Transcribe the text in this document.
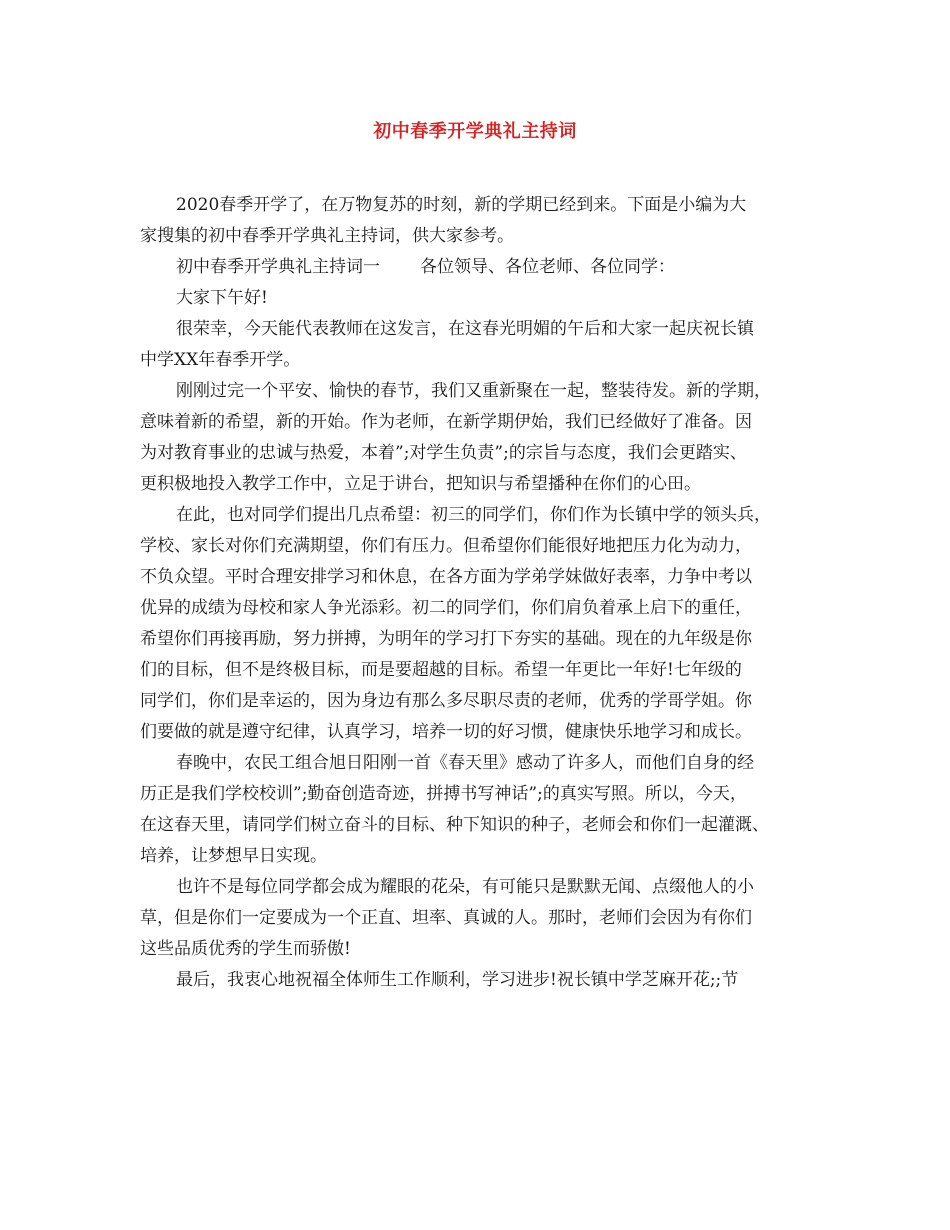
初中春季开学典礼主持词
2020春季开学了，在万物复苏的时刻，新的学期已经到来。下面是小编为大
家搜集的初中春季开学典礼主持词，供大家参考。
初中春季开学典礼主持词一 各位领导、各位老师、各位同学：
大家下午好!
很荣幸，今天能代表教师在这发言，在这春光明媚的午后和大家一起庆祝长镇
中学XX年春季开学。
刚刚过完一个平安、愉快的春节，我们又重新聚在一起，整装待发。新的学期，
意味着新的希望，新的开始。作为老师，在新学期伊始，我们已经做好了准备。因
为对教育事业的忠诚与热爱，本着”;对学生负责”;的宗旨与态度，我们会更踏实、
更积极地投入教学工作中，立足于讲台，把知识与希望播种在你们的心田。
在此，也对同学们提出几点希望：初三的同学们，你们作为长镇中学的领头兵，
学校、家长对你们充满期望，你们有压力。但希望你们能很好地把压力化为动力，
不负众望。平时合理安排学习和休息，在各方面为学弟学妹做好表率，力争中考以
优异的成绩为母校和家人争光添彩。初二的同学们，你们肩负着承上启下的重任，
希望你们再接再励，努力拼搏，为明年的学习打下夯实的基础。现在的九年级是你
们的目标，但不是终极目标，而是要超越的目标。希望一年更比一年好!七年级的
同学们，你们是幸运的，因为身边有那么多尽职尽责的老师，优秀的学哥学姐。你
们要做的就是遵守纪律，认真学习，培养一切的好习惯，健康快乐地学习和成长。
春晚中，农民工组合旭日阳刚一首《春天里》感动了许多人，而他们自身的经
历正是我们学校校训”;勤奋创造奇迹，拼搏书写神话”;的真实写照。所以，今天，
在这春天里，请同学们树立奋斗的目标、种下知识的种子，老师会和你们一起灌溉、
培养，让梦想早日实现。
也许不是每位同学都会成为耀眼的花朵，有可能只是默默无闻、点缀他人的小
草，但是你们一定要成为一个正直、坦率、真诚的人。那时，老师们会因为有你们
这些品质优秀的学生而骄傲!
最后，我衷心地祝福全体师生工作顺利，学习进步!祝长镇中学芝麻开花;;节
